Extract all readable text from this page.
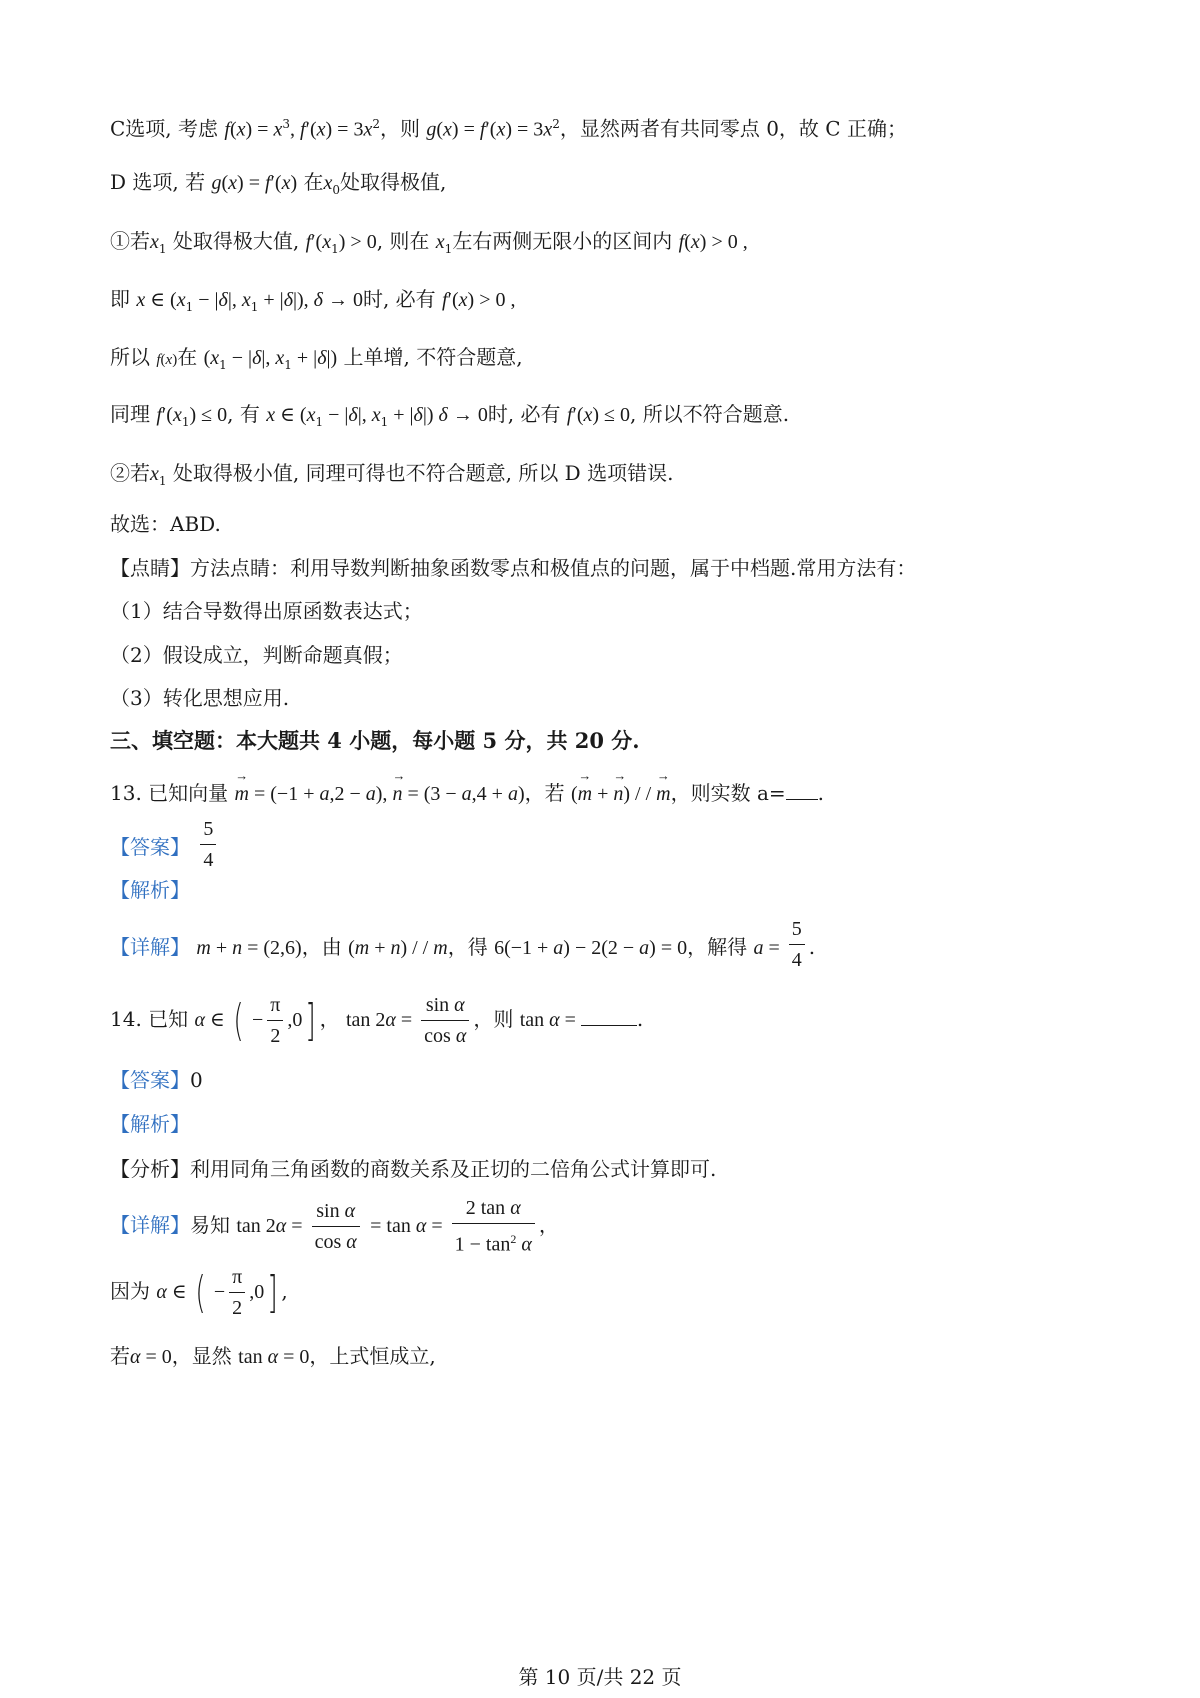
C选项, 考虑 $f(x) = x^3$, $f'(x) = 3x^2$，则 $g(x) = f'(x) = 3x^2$，显然两者有共同零点 0，故 C 正确；
D 选项, 若 g(x) = f′(x) 在$x_0$处取得极值,
①若$x_1$ 处取得极大值, $f'(x_1) > 0$, 则在 $x_1$左右两侧无限小的区间内 f(x) > 0 ,
即 x ∈ ($x_1 - |\delta|$, $x_1 + |\delta|$), δ → 0时, 必有 f′(x) > 0 ,
所以 f(x)在 ($x_1 - |\delta|$, $x_1 + |\delta|$) 上单增, 不符合题意,
同理 $f'(x_1) \le 0$, 有 x ∈ ($x_1 - |\delta|$, $x_1 + |\delta|$) δ → 0时, 必有 f′(x) ≤ 0, 所以不符合题意.
②若$x_1$ 处取得极小值, 同理可得也不符合题意, 所以 D 选项错误.
故选：ABD.
【点睛】方法点睛：利用导数判断抽象函数零点和极值点的问题，属于中档题.常用方法有：
（1）结合导数得出原函数表达式；
（2）假设成立，判断命题真假；
（3）转化思想应用.
三、填空题：本大题共 4 小题，每小题 5 分，共 20 分.
13. 已知向量 → m = (−1 + a,2 − a), → n = (3 − a,4 + a)，若 (→ m + → n) / / → m，则实数 a= .
【答案】 $\frac{5}{4}$
【解析】
【详解】 m + n = (2,6)，由 (m + n) / / m，得 6(−1 + a) − 2(2 − a) = 0，解得 $a = \frac{5}{4}$ .
14. 已知 α ∈ ( − $\frac{\pi}{2} ,0$] ， $\tan 2\alpha = \frac{\text{sin α}}{\text{cos α}}$ ，则 tan α =	.
【答案】0
【解析】
【分析】利用同角三角函数的商数关系及正切的二倍角公式计算即可.
【详解】易知 $\tan 2\alpha = \frac{\text{sin α}}{\text{cos α}} = \tan \alpha = \frac{\text{2 tan α}}{1 - \tan^2 \alpha}$ ，
因为 α ∈ ( − $\frac{\pi}{2} ,0$] ,
若α = 0，显然 tan α = 0，上式恒成立,
第 10 页/共 22 页
